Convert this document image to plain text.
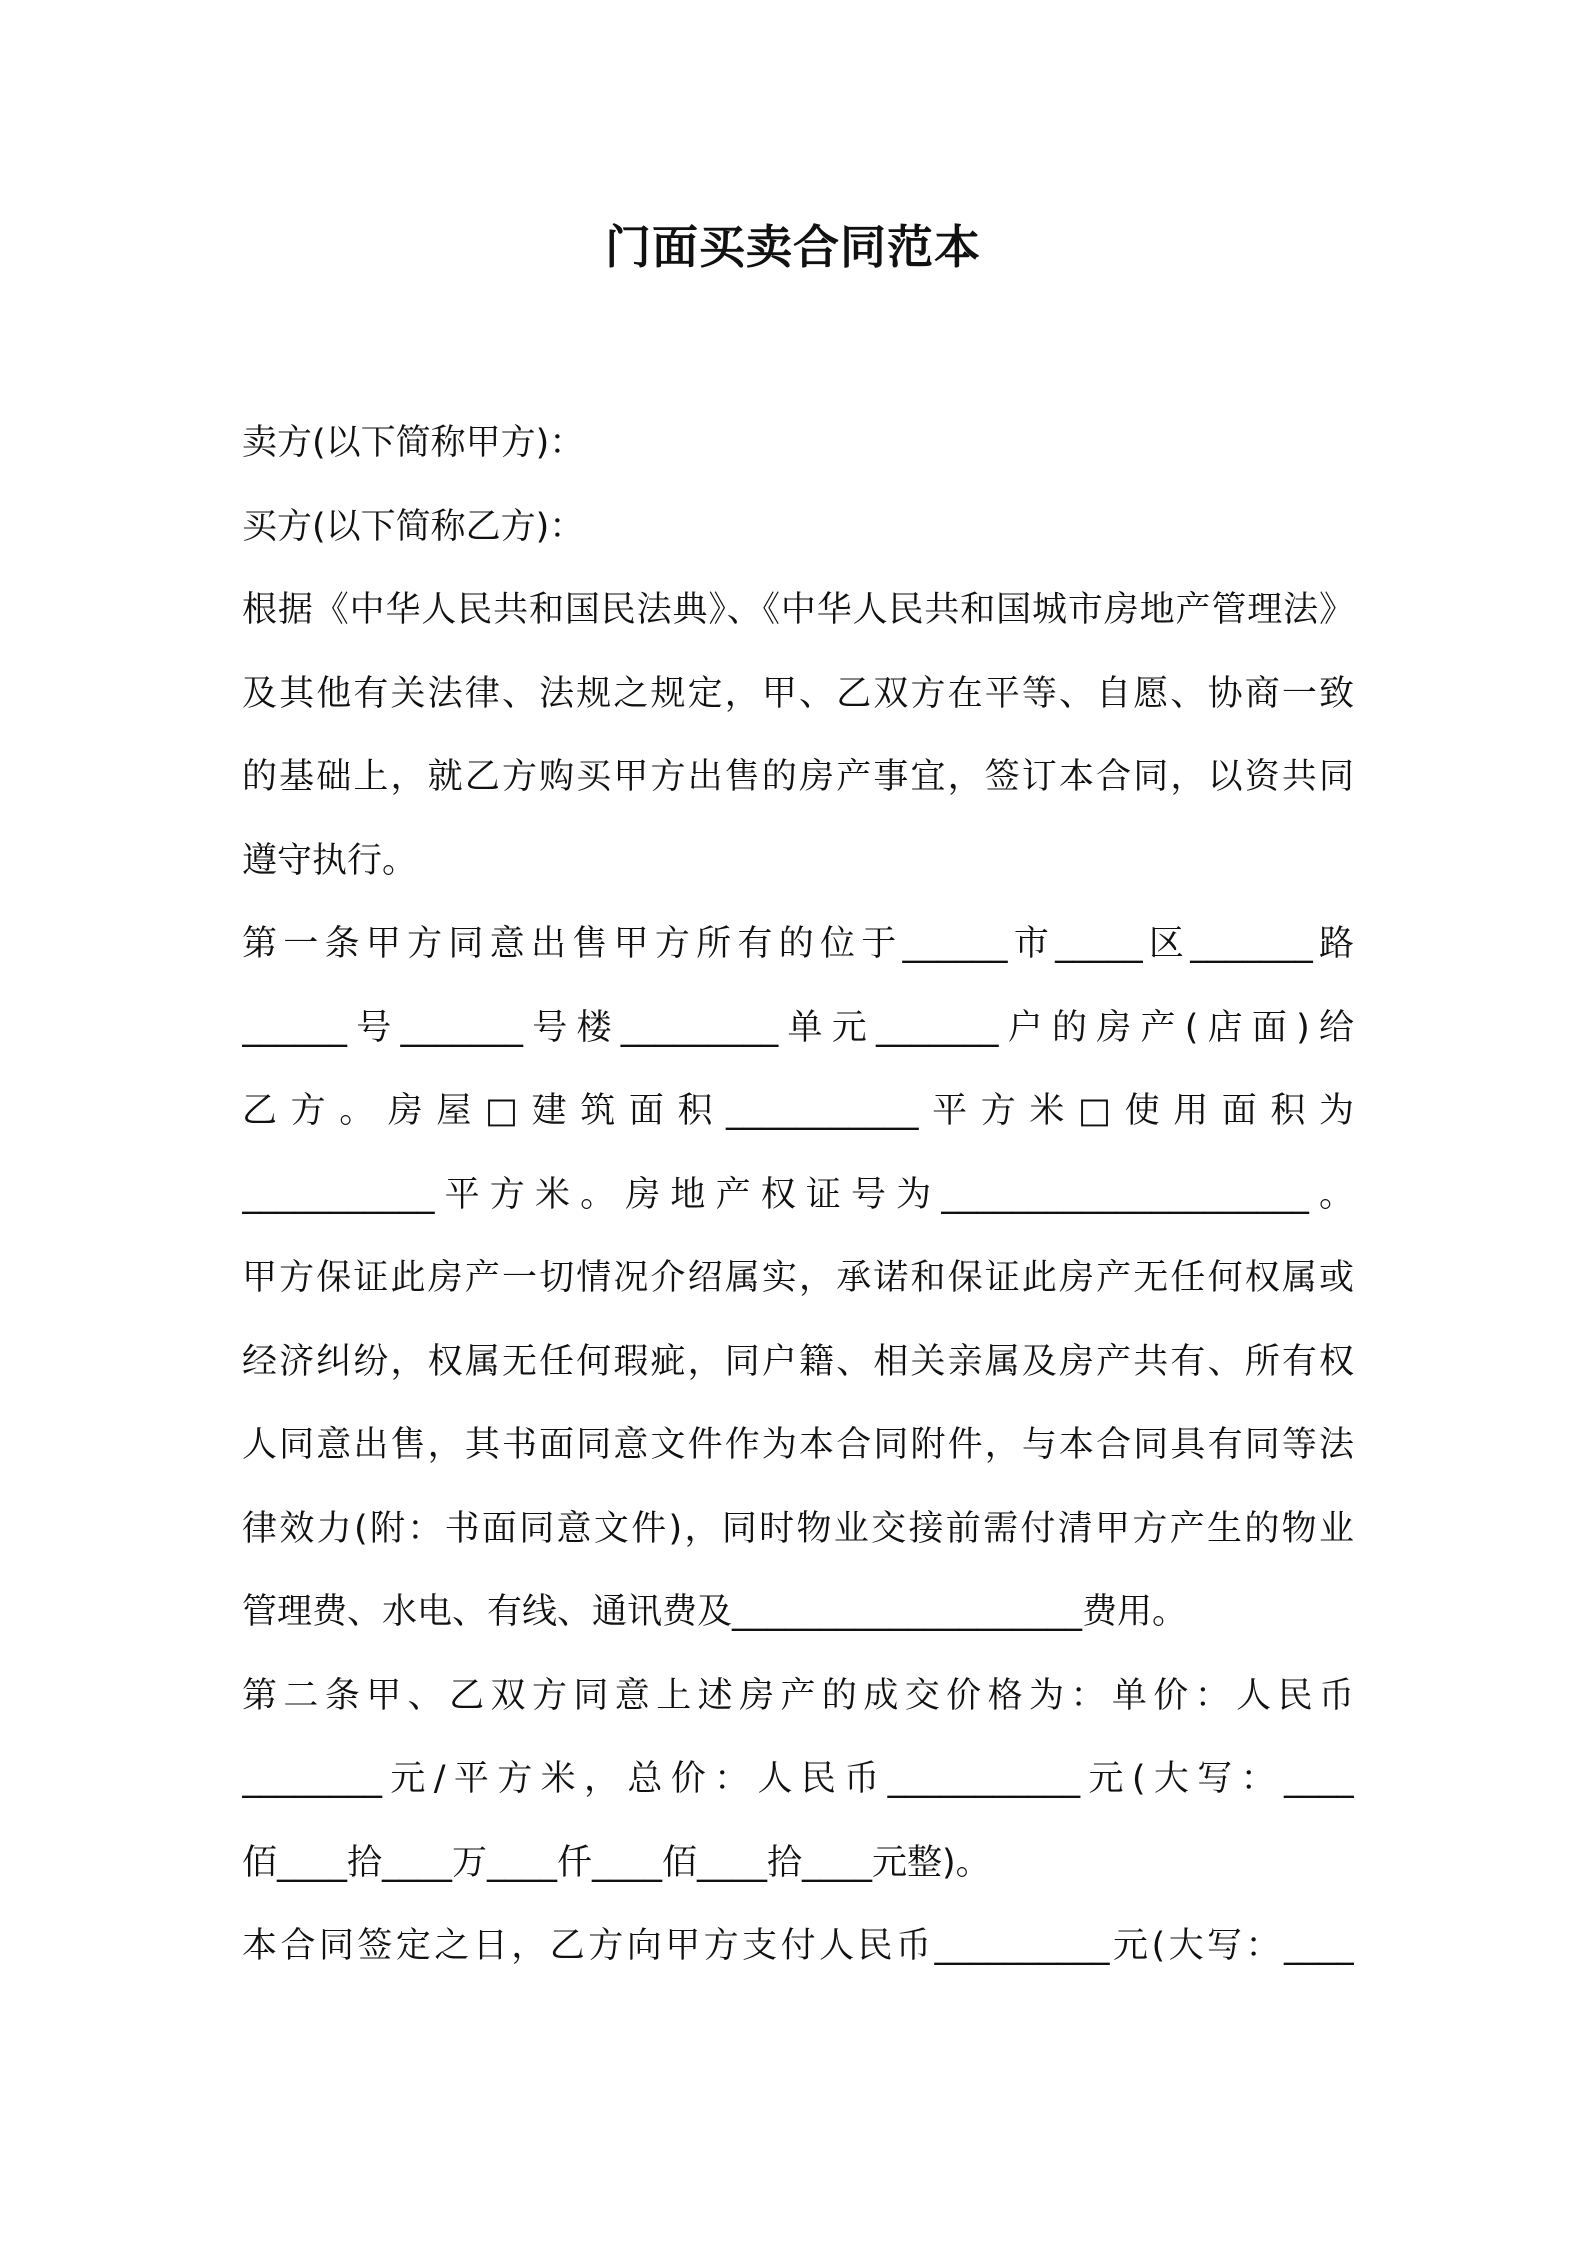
门面买卖合同范本
卖方(以下简称甲方)：
买方(以下简称乙方)：
根据《中华人民共和国民法典》、《中华人民共和国城市房地产管理法》
及其他有关法律、法规之规定，甲、乙双方在平等、自愿、协商一致
的基础上，就乙方购买甲方出售的房产事宜，签订本合同，以资共同
遵守执行。
第一条甲方同意出售甲方所有的位于______市_____区_______路
______号_______号楼_________单元_______户的房产(店面)给
乙方。房屋□建筑面积___________平方米□使用面积为
___________平方米。房地产权证号为_____________________。
甲方保证此房产一切情况介绍属实，承诺和保证此房产无任何权属或
经济纠纷，权属无任何瑕疵，同户籍、相关亲属及房产共有、所有权
人同意出售，其书面同意文件作为本合同附件，与本合同具有同等法
律效力(附：书面同意文件)，同时物业交接前需付清甲方产生的物业
管理费、水电、有线、通讯费及____________________费用。
第二条甲、乙双方同意上述房产的成交价格为：单价：人民币
________元/平方米，总价：人民币___________元(大写：____
佰____拾____万____仟____佰____拾____元整)。
本合同签定之日，乙方向甲方支付人民币__________元(大写：____
